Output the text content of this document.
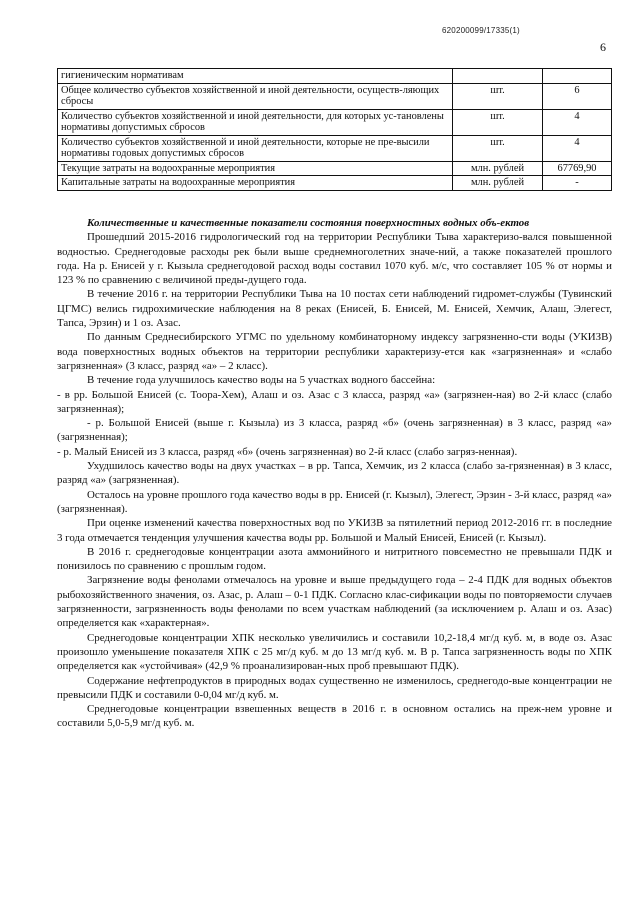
620200099/17335(1)
6
гигиеническим нормативам		
Общее количество субъектов хозяйственной и иной деятельности, осуществ-ляющих сбросы	шт.	6
Количество субъектов хозяйственной и иной деятельности, для которых ус-тановлены нормативы допустимых сбросов	шт.	4
Количество субъектов хозяйственной и иной деятельности, которые не пре-высили нормативы годовых допустимых сбросов	шт.	4
Текущие затраты на водоохранные мероприятия	млн. рублей	67769,90
Капитальные затраты на водоохранные мероприятия	млн. рублей	-

Количественные и качественные показатели состояния поверхностных водных объ-ектов

Прошедший 2015-2016 гидрологический год на территории Республики Тыва характеризо-вался повышенной водностью. Среднегодовые расходы рек были выше среднемноголетних значе-ний, а также показателей прошлого года. На р. Енисей у г. Кызыла среднегодовой расход воды составил 1070 куб. м/с, что составляет 105 % от нормы и 123 % по сравнению с величиной преды-дущего года.

В течение 2016 г. на территории Республики Тыва на 10 постах сети наблюдений гидромет-службы (Тувинский ЦГМС) велись гидрохимические наблюдения на 8 реках (Енисей, Б. Енисей, М. Енисей, Хемчик, Алаш, Элегест, Тапса, Эрзин) и 1 оз. Азас.

По данным Среднесибирского УГМС по удельному комбинаторному индексу загрязненно-сти воды (УКИЗВ) вода поверхностных водных объектов на территории республики характеризу-ется как «загрязненная» и «слабо загрязненная» (3 класс, разряд «а» – 2 класс).

В течение года улучшилось качество воды на 5 участках водного бассейна:

- в рр. Большой Енисей (с. Тоора-Хем), Алаш и оз. Азас с 3 класса, разряд «а» (загрязнен-ная) во 2-й класс (слабо загрязненная);

- р. Большой Енисей (выше г. Кызыла) из 3 класса, разряд «б» (очень загрязненная) в 3 класс, разряд «а» (загрязненная);

- р. Малый Енисей из 3 класса, разряд «б» (очень загрязненная) во 2-й класс (слабо загряз-ненная).

Ухудшилось качество воды на двух участках – в рр. Тапса, Хемчик, из 2 класса (слабо за-грязненная) в 3 класс, разряд «а» (загрязненная).

Осталось на уровне прошлого года качество воды в рр. Енисей (г. Кызыл), Элегест, Эрзин - 3-й класс, разряд «а» (загрязненная).

При оценке изменений качества поверхностных вод по УКИЗВ за пятилетний период 2012-2016 гг. в последние 3 года отмечается тенденция улучшения качества воды рр. Большой и Малый Енисей, Енисей (г. Кызыл).

В 2016 г. среднегодовые концентрации азота аммонийного и нитритного повсеместно не превышали ПДК и понизилось по сравнению с прошлым годом.

Загрязнение воды фенолами отмечалось на уровне и выше предыдущего года – 2-4 ПДК для водных объектов рыбохозяйственного значения, оз. Азас, р. Алаш – 0-1 ПДК. Согласно клас-сификации воды по повторяемости случаев загрязненности, загрязненность воды фенолами по всем участкам наблюдений (за исключением р. Алаш и оз. Азас) определяется как «характерная».

Среднегодовые концентрации ХПК несколько увеличились и составили 10,2-18,4 мг/д куб. м, в воде оз. Азас произошло уменьшение показателя ХПК с 25 мг/д куб. м до 13 мг/д куб. м. В р. Тапса загрязненность воды по ХПК определяется как «устойчивая» (42,9 % проанализирован-ных проб превышают ПДК).

Содержание нефтепродуктов в природных водах существенно не изменилось, среднегодо-вые концентрации не превысили ПДК и составили 0-0,04 мг/д куб. м.

Среднегодовые концентрации взвешенных веществ в 2016 г. в основном остались на преж-нем уровне и составили 5,0-5,9 мг/д куб. м.
